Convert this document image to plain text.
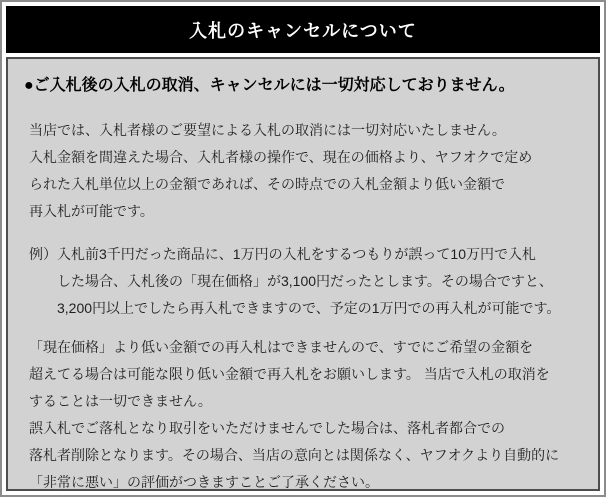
入札のキャンセルについて
●ご入札後の入札の取消、キャンセルには一切対応しておりません。
当店では、入札者様のご要望による入札の取消には一切対応いたしません。
入札金額を間違えた場合、入札者様の操作で、現在の価格より、ヤフオクで定め
られた入札単位以上の金額であれば、その時点での入札金額より低い金額で
再入札が可能です。
例）入札前3千円だった商品に、1万円の入札をするつもりが誤って10万円で入札
した場合、入札後の「現在価格」が3,100円だったとします。その場合ですと、
3,200円以上でしたら再入札できますので、予定の1万円での再入札が可能です。
「現在価格」より低い金額での再入札はできませんので、すでにご希望の金額を
超えてる場合は可能な限り低い金額で再入札をお願いします。 当店で入札の取消を
することは一切できません。
誤入札でご落札となり取引をいただけませんでした場合は、落札者都合での
落札者削除となります。その場合、当店の意向とは関係なく、ヤフオクより自動的に
「非常に悪い」の評価がつきますことご了承ください。
